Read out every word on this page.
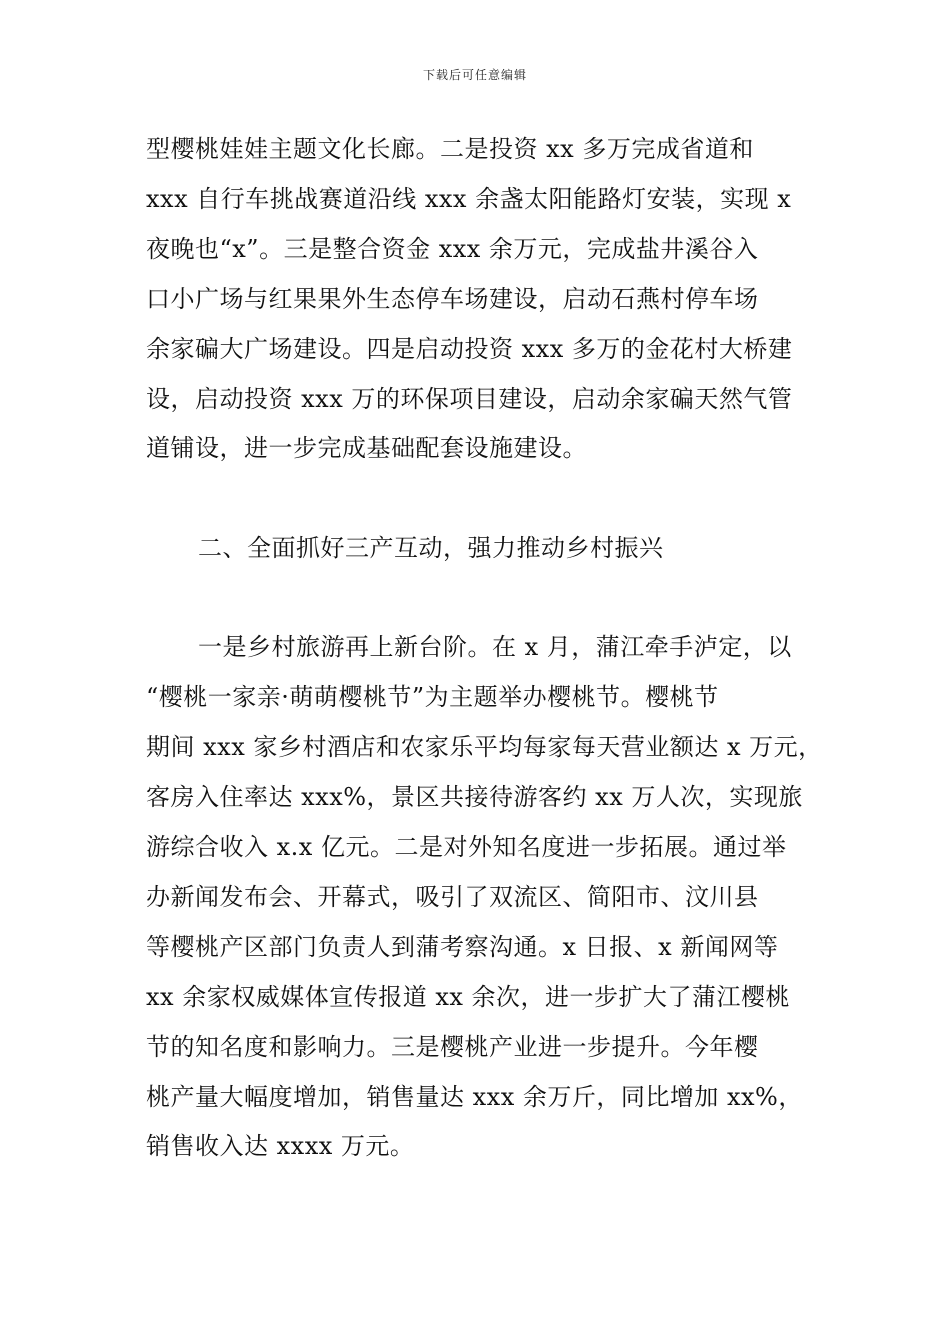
下载后可任意编辑
型樱桃娃娃主题文化长廊。二是投资 xx 多万完成省道和
xxx 自行车挑战赛道沿线 xxx 余盏太阳能路灯安装，实现 x
夜晚也“x”。三是整合资金 xxx 余万元，完成盐井溪谷入
口小广场与红果果外生态停车场建设，启动石燕村停车场
余家碥大广场建设。四是启动投资 xxx 多万的金花村大桥建
设，启动投资 xxx 万的环保项目建设，启动余家碥天然气管
道铺设，进一步完成基础配套设施建设。
二、全面抓好三产互动，强力推动乡村振兴
一是乡村旅游再上新台阶。在 x 月，蒲江牵手泸定，以
“樱桃一家亲·萌萌樱桃节”为主题举办樱桃节。樱桃节
期间 xxx 家乡村酒店和农家乐平均每家每天营业额达 x 万元，
客房入住率达 xxx%，景区共接待游客约 xx 万人次，实现旅
游综合收入 x.x 亿元。二是对外知名度进一步拓展。通过举
办新闻发布会、开幕式，吸引了双流区、简阳市、汶川县
等樱桃产区部门负责人到蒲考察沟通。x 日报、x 新闻网等
xx 余家权威媒体宣传报道 xx 余次，进一步扩大了蒲江樱桃
节的知名度和影响力。三是樱桃产业进一步提升。今年樱
桃产量大幅度增加，销售量达 xxx 余万斤，同比增加 xx%，
销售收入达 xxxx 万元。
